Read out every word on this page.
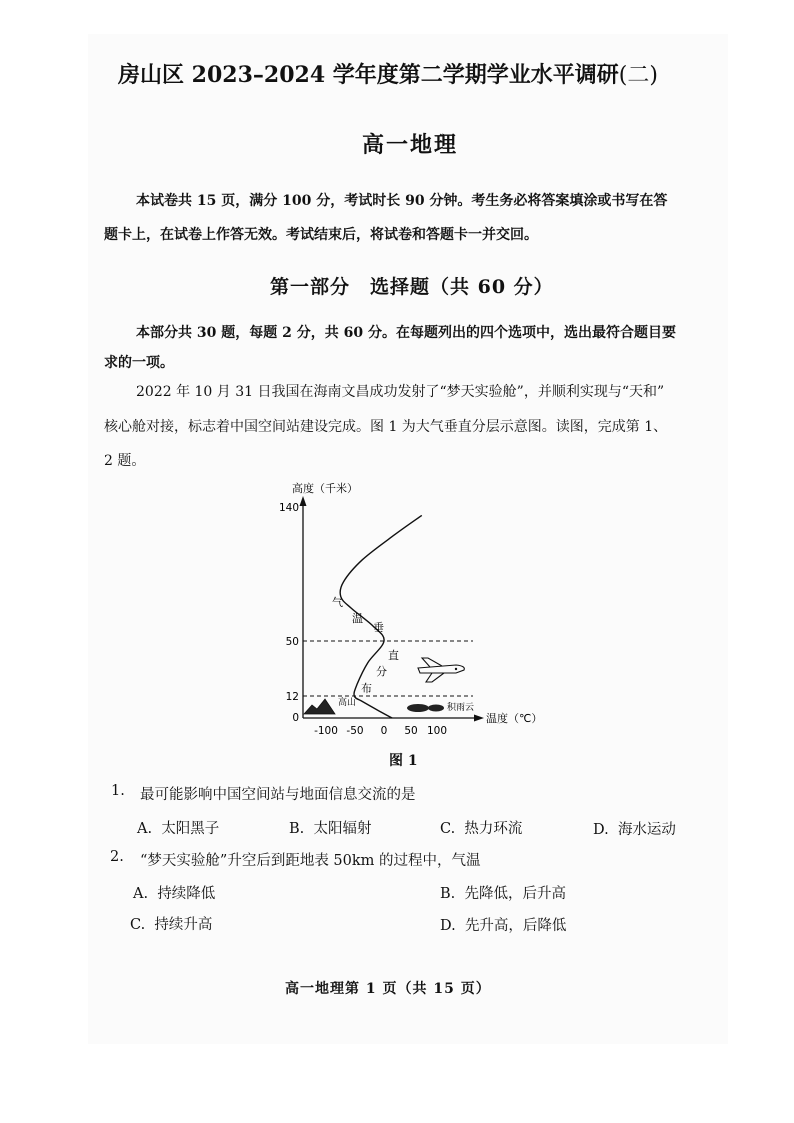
房山区 2023–2024 学年度第二学期学业水平调研(二)
高一地理
本试卷共 15 页，满分 100 分，考试时长 90 分钟。考生务必将答案填涂或书写在答
题卡上，在试卷上作答无效。考试结束后，将试卷和答题卡一并交回。
第一部分　选择题（共 60 分）
本部分共 30 题，每题 2 分，共 60 分。在每题列出的四个选项中，选出最符合题目要
求的一项。
2022 年 10 月 31 日我国在海南文昌成功发射了“梦天实验舱”，并顺利实现与“天和”
核心舱对接，标志着中国空间站建设完成。图 1 为大气垂直分层示意图。读图，完成第 1、
2 题。
高度（千米）
温度（℃）
140
50
12
0
-100 -50 0 50 100
气
温
垂
直
分
布
高山	积雨云
图 1
1. 最可能影响中国空间站与地面信息交流的是
A. 太阳黑子	B. 太阳辐射	C. 热力环流	D. 海水运动
2. “梦天实验舱”升空后到距地表 50km 的过程中，气温
A. 持续降低	B. 先降低，后升高
C. 持续升高	D. 先升高，后降低
高一地理第 1 页（共 15 页）
